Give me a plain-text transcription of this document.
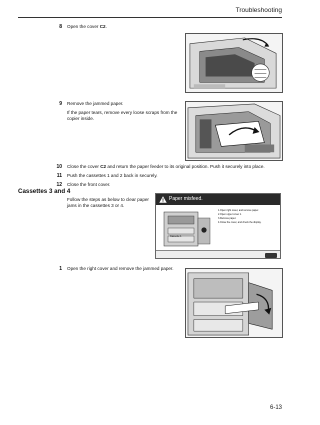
Troubleshooting
8 Open the cover C2.
9 Remove the jammed paper.
If the paper tears, remove every loose scraps from the
copier inside.
10 Close the cover C2 and return the paper feeder to its original position. Push it securely into place.
11 Push the cassettes 1 and 2 back in securely.
12 Close the front cover.
Cassettes 3 and 4
Follow the steps as below to clear paper
jams in the cassettes 3 or 4.
Paper misfeed.
Cassette 1
1.Open right cover, and remove paper.
2.Open upper cover 1.
3.Remove paper.
4.Close the cover, and check the display.
1 Open the right cover and remove the jammed paper.
6-13
